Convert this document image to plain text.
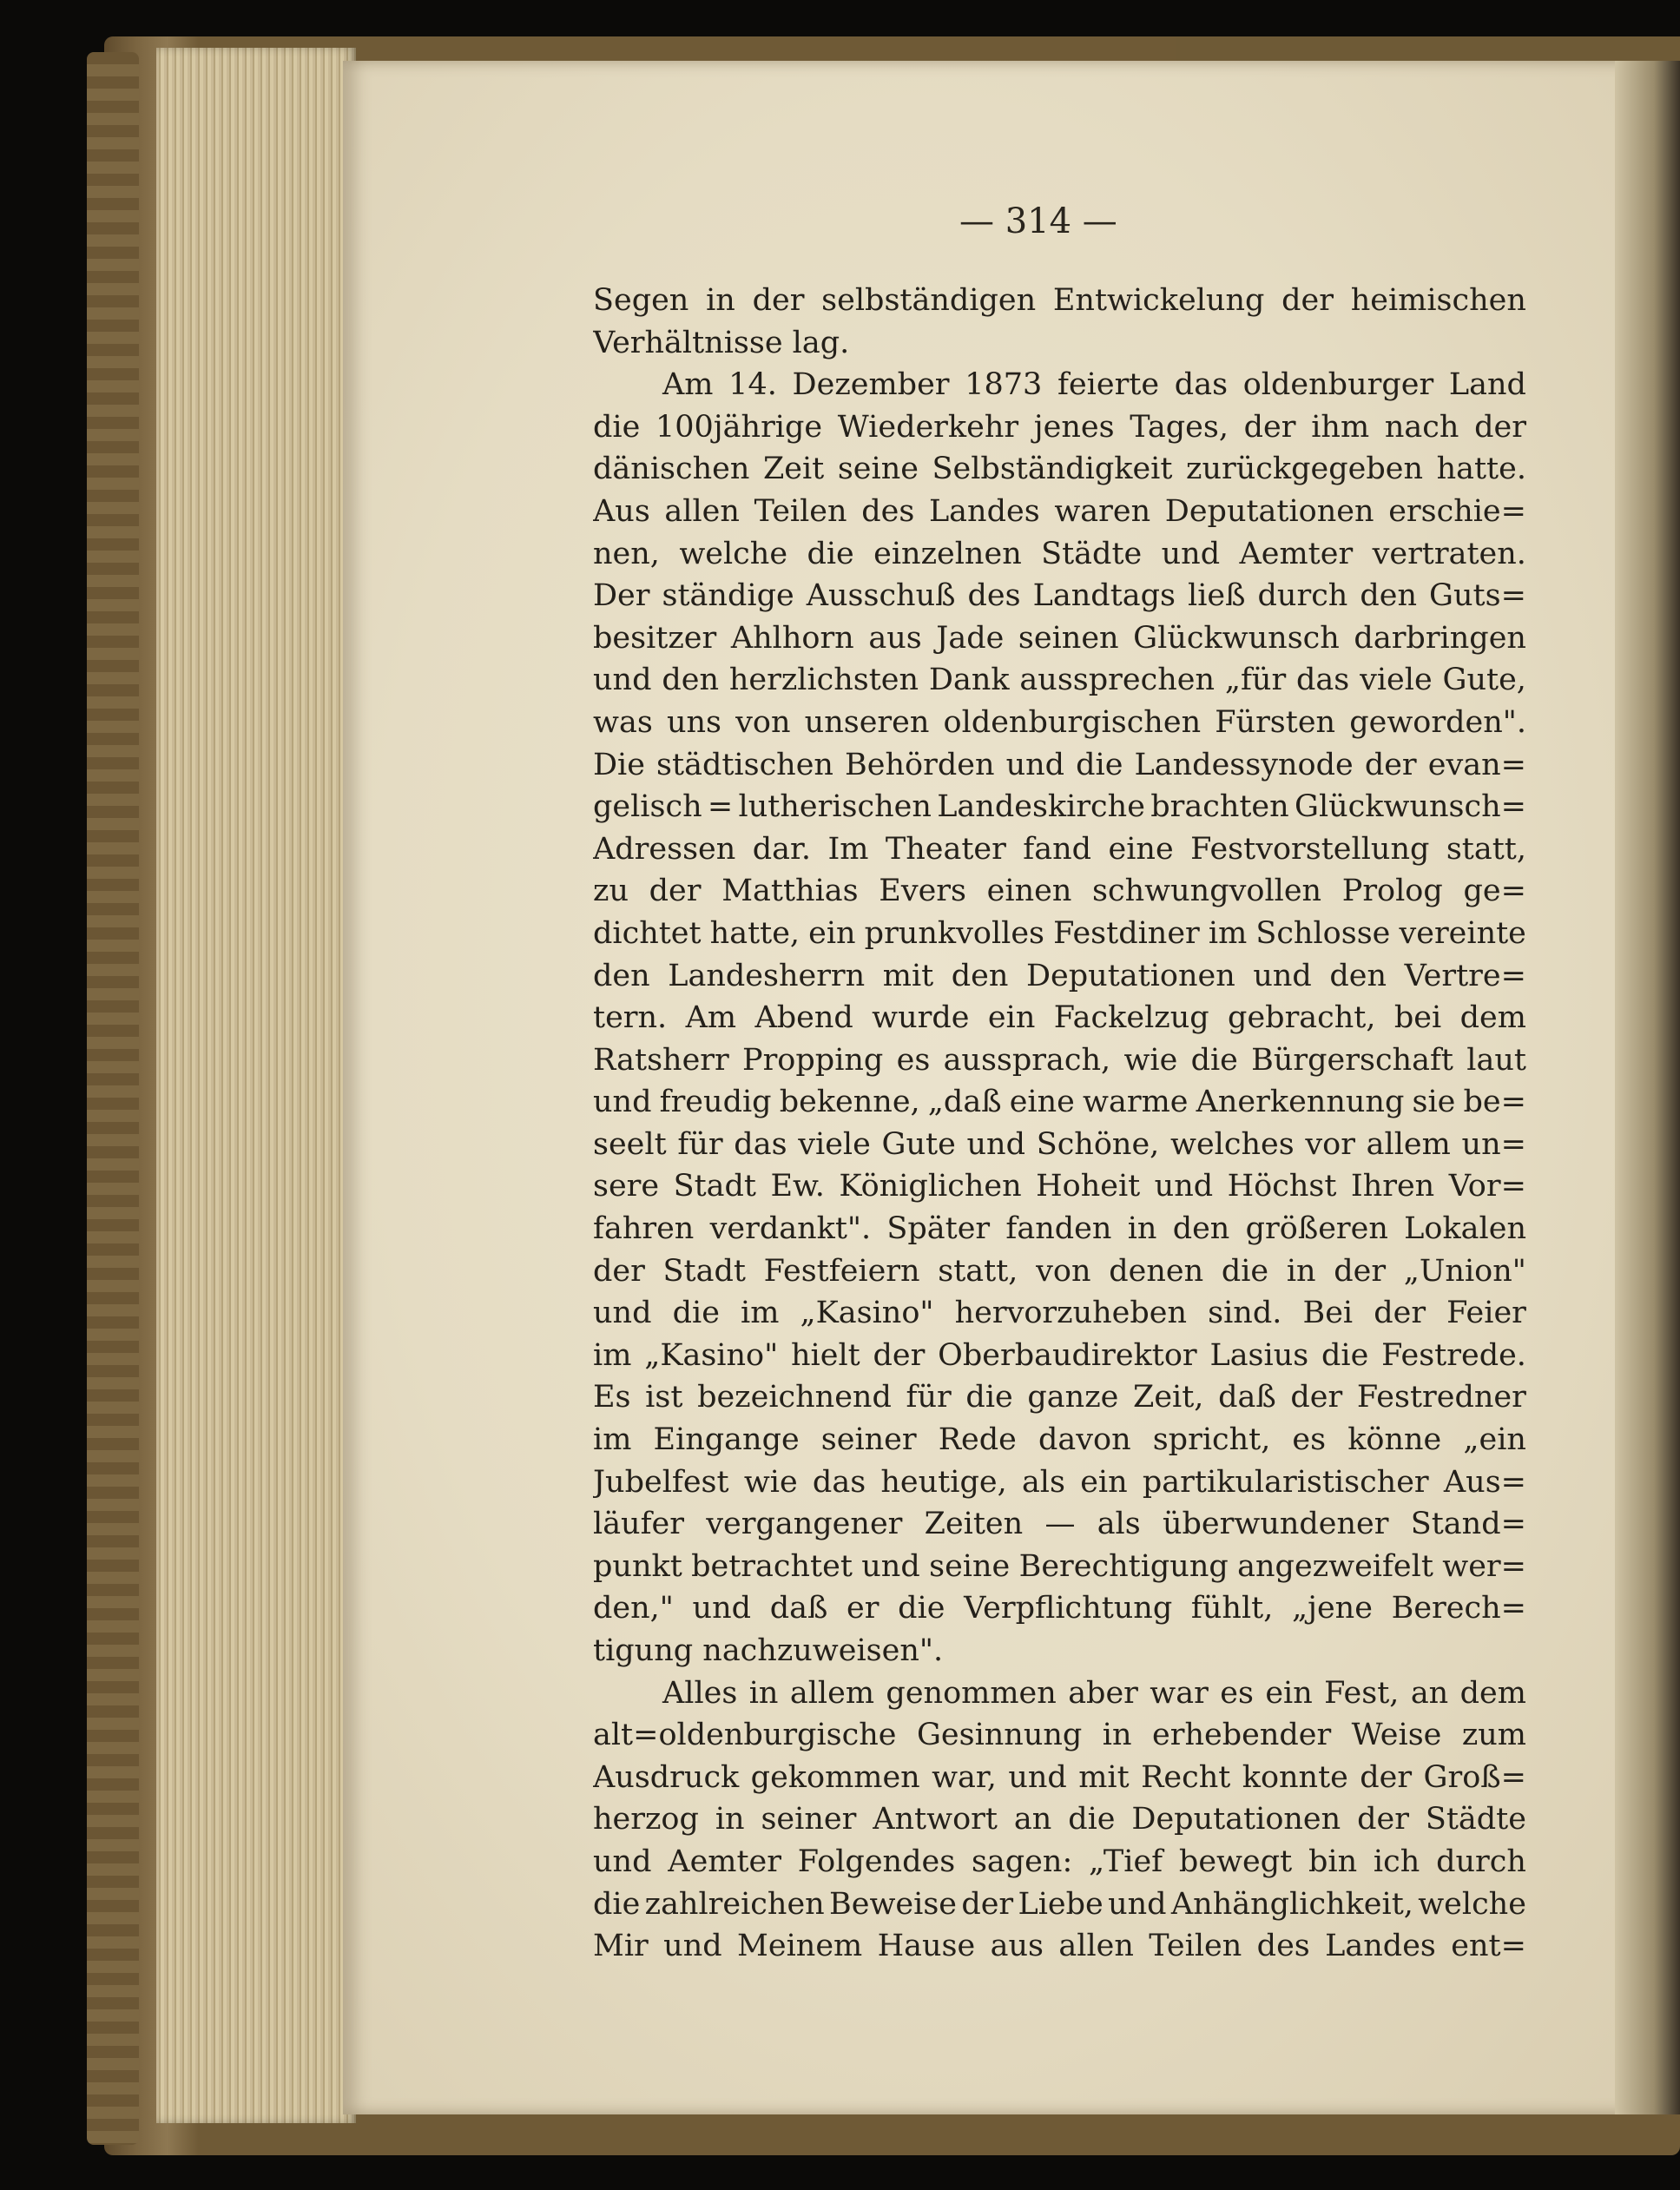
— 314 —
Segen in der selbständigen Entwickelung der heimischen
Verhältnisse lag.
Am 14. Dezember 1873 feierte das oldenburger Land
die 100jährige Wiederkehr jenes Tages, der ihm nach der
dänischen Zeit seine Selbständigkeit zurückgegeben hatte.
Aus allen Teilen des Landes waren Deputationen erschie=
nen, welche die einzelnen Städte und Aemter vertraten.
Der ständige Ausschuß des Landtags ließ durch den Guts=
besitzer Ahlhorn aus Jade seinen Glückwunsch darbringen
und den herzlichsten Dank aussprechen „für das viele Gute,
was uns von unseren oldenburgischen Fürsten geworden".
Die städtischen Behörden und die Landessynode der evan=
gelisch = lutherischen Landeskirche brachten Glückwunsch=
Adressen dar. Im Theater fand eine Festvorstellung statt,
zu der Matthias Evers einen schwungvollen Prolog ge=
dichtet hatte, ein prunkvolles Festdiner im Schlosse vereinte
den Landesherrn mit den Deputationen und den Vertre=
tern. Am Abend wurde ein Fackelzug gebracht, bei dem
Ratsherr Propping es aussprach, wie die Bürgerschaft laut
und freudig bekenne, „daß eine warme Anerkennung sie be=
seelt für das viele Gute und Schöne, welches vor allem un=
sere Stadt Ew. Königlichen Hoheit und Höchst Ihren Vor=
fahren verdankt". Später fanden in den größeren Lokalen
der Stadt Festfeiern statt, von denen die in der „Union"
und die im „Kasino" hervorzuheben sind. Bei der Feier
im „Kasino" hielt der Oberbaudirektor Lasius die Festrede.
Es ist bezeichnend für die ganze Zeit, daß der Festredner
im Eingange seiner Rede davon spricht, es könne „ein
Jubelfest wie das heutige, als ein partikularistischer Aus=
läufer vergangener Zeiten — als überwundener Stand=
punkt betrachtet und seine Berechtigung angezweifelt wer=
den," und daß er die Verpflichtung fühlt, „jene Berech=
tigung nachzuweisen".
Alles in allem genommen aber war es ein Fest, an dem
alt=oldenburgische Gesinnung in erhebender Weise zum
Ausdruck gekommen war, und mit Recht konnte der Groß=
herzog in seiner Antwort an die Deputationen der Städte
und Aemter Folgendes sagen: „Tief bewegt bin ich durch
die zahlreichen Beweise der Liebe und Anhänglichkeit, welche
Mir und Meinem Hause aus allen Teilen des Landes ent=
